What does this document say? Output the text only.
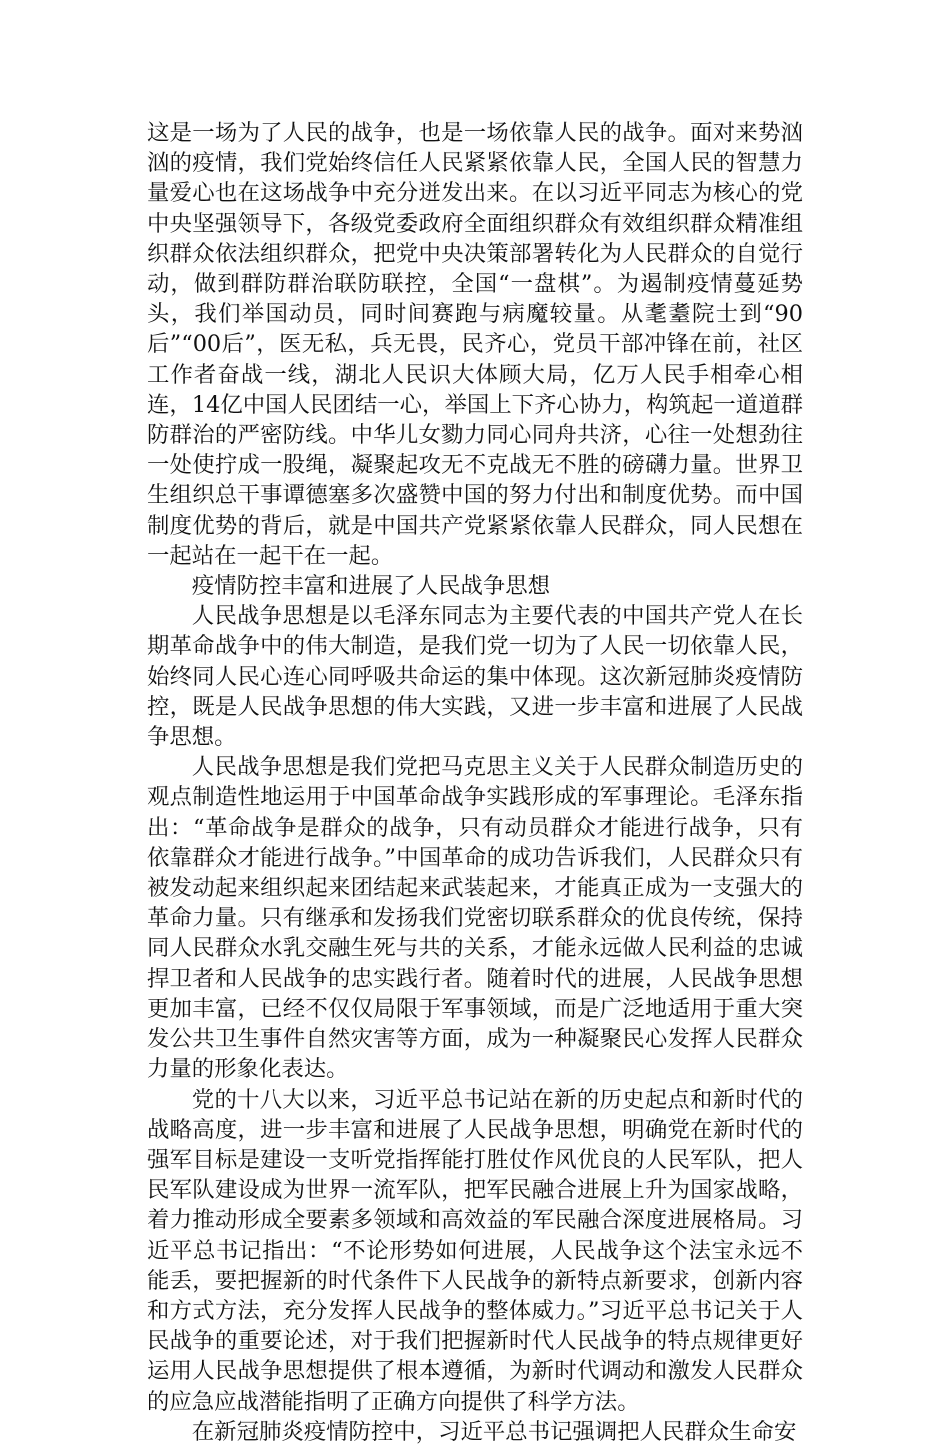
这是一场为了人民的战争，也是一场依靠人民的战争。面对来势汹汹的疫情，我们党始终信任人民紧紧依靠人民，全国人民的智慧力量爱心也在这场战争中充分迸发出来。在以习近平同志为核心的党中央坚强领导下，各级党委政府全面组织群众有效组织群众精准组织群众依法组织群众，把党中央决策部署转化为人民群众的自觉行动，做到群防群治联防联控，全国“一盘棋”。为遏制疫情蔓延势头，我们举国动员，同时间赛跑与病魔较量。从耄耋院士到“90后”“00后”，医无私，兵无畏，民齐心，党员干部冲锋在前，社区工作者奋战一线，湖北人民识大体顾大局，亿万人民手相牵心相连，14亿中国人民团结一心，举国上下齐心协力，构筑起一道道群防群治的严密防线。中华儿女勠力同心同舟共济，心往一处想劲往一处使拧成一股绳，凝聚起攻无不克战无不胜的磅礴力量。世界卫生组织总干事谭德塞多次盛赞中国的努力付出和制度优势。而中国制度优势的背后，就是中国共产党紧紧依靠人民群众，同人民想在一起站在一起干在一起。

疫情防控丰富和进展了人民战争思想

人民战争思想是以毛泽东同志为主要代表的中国共产党人在长期革命战争中的伟大制造，是我们党一切为了人民一切依靠人民，始终同人民心连心同呼吸共命运的集中体现。这次新冠肺炎疫情防控，既是人民战争思想的伟大实践，又进一步丰富和进展了人民战争思想。

人民战争思想是我们党把马克思主义关于人民群众制造历史的观点制造性地运用于中国革命战争实践形成的军事理论。毛泽东指出：“革命战争是群众的战争，只有动员群众才能进行战争，只有依靠群众才能进行战争。”中国革命的成功告诉我们，人民群众只有被发动起来组织起来团结起来武装起来，才能真正成为一支强大的革命力量。只有继承和发扬我们党密切联系群众的优良传统，保持同人民群众水乳交融生死与共的关系，才能永远做人民利益的忠诚捍卫者和人民战争的忠实践行者。随着时代的进展，人民战争思想更加丰富，已经不仅仅局限于军事领域，而是广泛地适用于重大突发公共卫生事件自然灾害等方面，成为一种凝聚民心发挥人民群众力量的形象化表达。

党的十八大以来，习近平总书记站在新的历史起点和新时代的战略高度，进一步丰富和进展了人民战争思想，明确党在新时代的强军目标是建设一支听党指挥能打胜仗作风优良的人民军队，把人民军队建设成为世界一流军队，把军民融合进展上升为国家战略，着力推动形成全要素多领域和高效益的军民融合深度进展格局。习近平总书记指出：“不论形势如何进展，人民战争这个法宝永远不能丢，要把握新的时代条件下人民战争的新特点新要求，创新内容和方式方法，充分发挥人民战争的整体威力。”习近平总书记关于人民战争的重要论述，对于我们把握新时代人民战争的特点规律更好运用人民战争思想提供了根本遵循，为新时代调动和激发人民群众的应急应战潜能指明了正确方向提供了科学方法。

在新冠肺炎疫情防控中，习近平总书记强调把人民群众生命安
